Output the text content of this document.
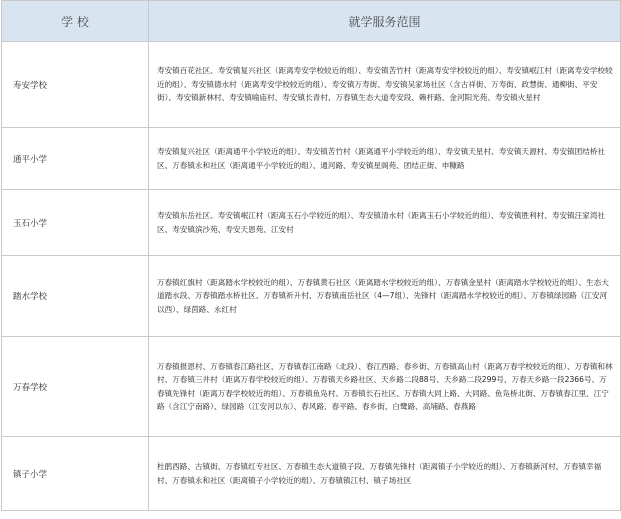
学 校	就学服务范围
寿安学校	寿安镇百花社区、寿安镇复兴社区（距离寿安学校较近的组）、寿安镇苦竹村（距离寿安学校较近的组）、寿安镇岷江村（距离寿安学校较近的组）、寿安镇德水村（距离寿安学校较近的组）、寿安镇万寿街、寿安镇吴家场社区（含古祥街、万寿街、政慧街、通柳街、平安街）、寿安镇新林村、寿安镇喻庙村、寿安镇长青村、万春镇生态大道寿安段、赖杆路、金河阳光苑、寿安镇火星村
通平小学	寿安镇复兴社区（距离通平小学较近的组）、寿安镇苦竹村（距离通平小学较近的组）、寿安镇天星村、寿安镇天源村、寿安镇团结桥社区、万春镇永和社区（距离通平小学较近的组）、通河路、寿安镇星阁苑、团结正街、申糠路
玉石小学	寿安镇东岳社区、寿安镇岷江村（距离玉石小学较近的组）、寿安镇清水村（距离玉石小学较近的组）、寿安镇胜利村、寿安镇汪家湾社区、寿安镇滨沙苑、寿安天恩苑、江安村
踏水学校	万春镇红旗村（距离踏水学校较近的组）、万春镇黄石社区（距离踏水学校较近的组）、万春镇金星村（距离踏水学校较近的组）、生态大道踏水段、万春镇踏水桥社区、万春镇祈升村、万春镇南岳社区（4—7组）、先锋村（距离踏水学校较近的组）、万春镇绿园路（江安河以西）、绿茵路、永红村
万春学校	万春镇报恩村、万春镇春江路社区、万春镇春江南路（北段）、春江西路、春乡街、万春镇高山村（距离万春学校较近的组）、万春镇和林村、万春镇三井村（距离万春学校较近的组）、万春镇天乡路社区、天乡路二段88号、天乡路二段299号、万春天乡路一段2366号、万春镇先锋村（距离万春学校较近的组）、万春镇鱼凫村、万春镇长石社区、万春镇大同上路、大同路、鱼凫桥北街、万春镇春江里、江宁路（含江宁南路）、绿园路（江安河以东）、春风路、春平路、春乡街、白鹭路、高埔路、春燕路
镇子小学	杜鹃西路、古镇街、万春镇红专社区、万春镇生态大道镇子段、万春镇先锋村（距离镇子小学较近的组）、万春镇新河村、万春镇幸福村、万春镇永和社区（距离镇子小学较近的组）、万春镇镇江村、镇子场社区
